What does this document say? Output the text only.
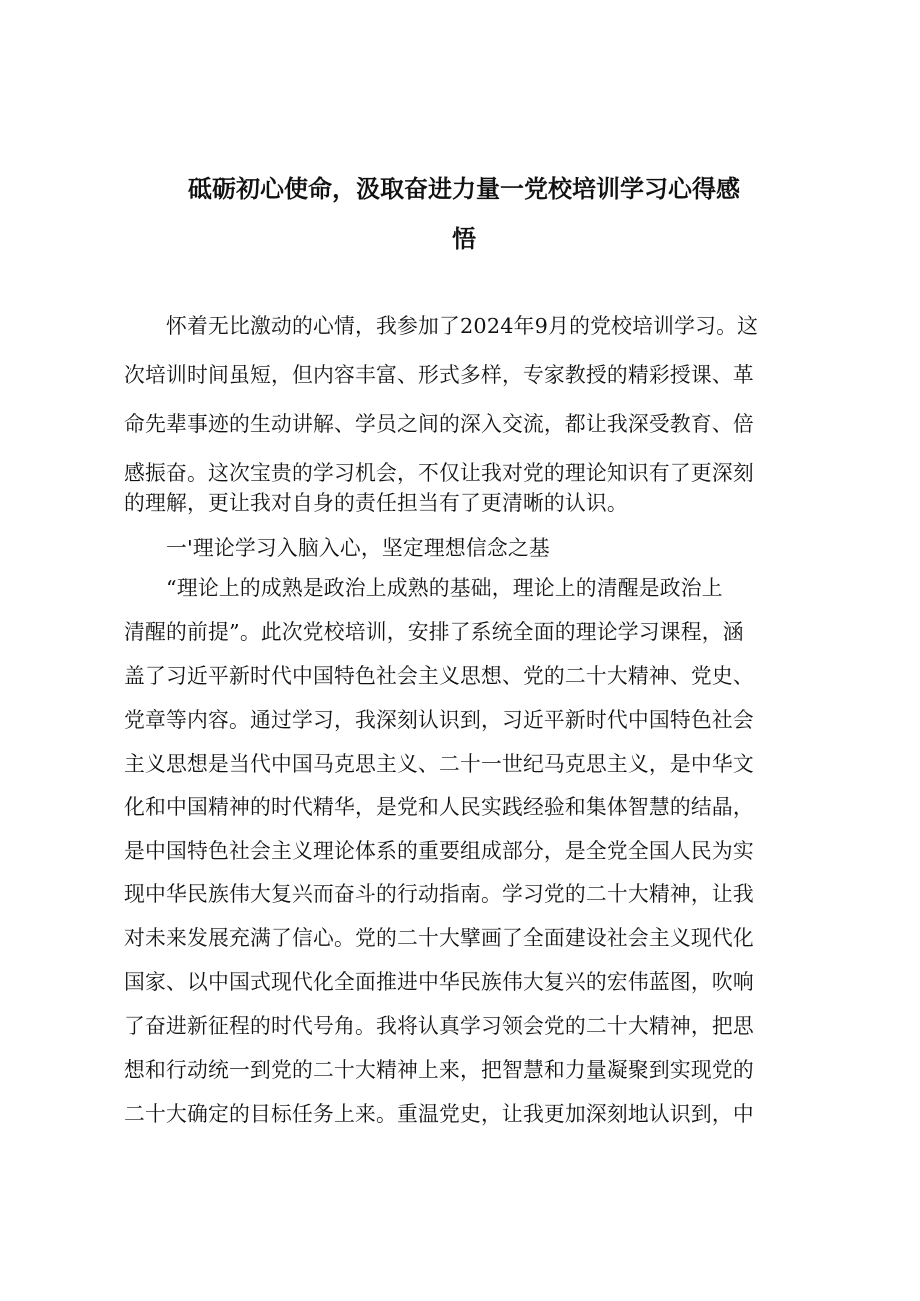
砥砺初心使命，汲取奋进力量一党校培训学习心得感
悟
怀着无比激动的心情，我参加了2024年9月的党校培训学习。这
次培训时间虽短，但内容丰富、形式多样，专家教授的精彩授课、革
命先辈事迹的生动讲解、学员之间的深入交流，都让我深受教育、倍
感振奋。这次宝贵的学习机会，不仅让我对党的理论知识有了更深刻
的理解，更让我对自身的责任担当有了更清晰的认识。
一'理论学习入脑入心，坚定理想信念之基
“理论上的成熟是政治上成熟的基础，理论上的清醒是政治上
清醒的前提”。此次党校培训，安排了系统全面的理论学习课程，涵
盖了习近平新时代中国特色社会主义思想、党的二十大精神、党史、
党章等内容。通过学习，我深刻认识到，习近平新时代中国特色社会
主义思想是当代中国马克思主义、二十一世纪马克思主义，是中华文
化和中国精神的时代精华，是党和人民实践经验和集体智慧的结晶，
是中国特色社会主义理论体系的重要组成部分，是全党全国人民为实
现中华民族伟大复兴而奋斗的行动指南。学习党的二十大精神，让我
对未来发展充满了信心。党的二十大擘画了全面建设社会主义现代化
国家、以中国式现代化全面推进中华民族伟大复兴的宏伟蓝图，吹响
了奋进新征程的时代号角。我将认真学习领会党的二十大精神，把思
想和行动统一到党的二十大精神上来，把智慧和力量凝聚到实现党的
二十大确定的目标任务上来。重温党史，让我更加深刻地认识到，中
